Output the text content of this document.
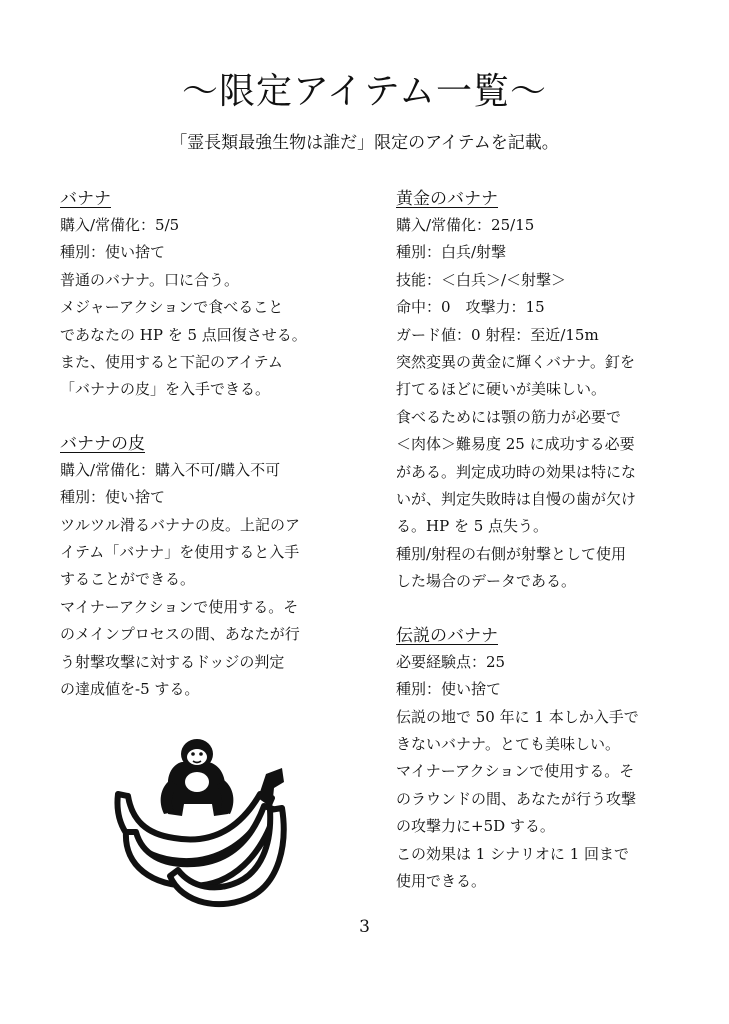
〜限定アイテム一覧〜
「霊長類最強生物は誰だ」限定のアイテムを記載。

バナナ

購入/常備化：5/5

種別：使い捨て

普通のバナナ。口に合う。

メジャーアクションで食べること

であなたの HP を 5 点回復させる。

また、使用すると下記のアイテム

「バナナの皮」を入手できる。

バナナの皮

購入/常備化：購入不可/購入不可

種別：使い捨て

ツルツル滑るバナナの皮。上記のア

イテム「バナナ」を使用すると入手

することができる。

マイナーアクションで使用する。そ

のメインプロセスの間、あなたが行

う射撃攻撃に対するドッジの判定

の達成値を-5 する。

黄金のバナナ

購入/常備化：25/15

種別：白兵/射撃

技能：＜白兵＞/＜射撃＞

命中：0　攻撃力：15

ガード値：0 射程：至近/15m

突然変異の黄金に輝くバナナ。釘を

打てるほどに硬いが美味しい。

食べるためには顎の筋力が必要で

＜肉体＞難易度 25 に成功する必要

がある。判定成功時の効果は特にな

いが、判定失敗時は自慢の歯が欠け

る。HP を 5 点失う。

種別/射程の右側が射撃として使用

した場合のデータである。

伝説のバナナ

必要経験点：25

種別：使い捨て

伝説の地で 50 年に 1 本しか入手で

きないバナナ。とても美味しい。

マイナーアクションで使用する。そ

のラウンドの間、あなたが行う攻撃

の攻撃力に+5D する。

この効果は 1 シナリオに 1 回まで

使用できる。

3
